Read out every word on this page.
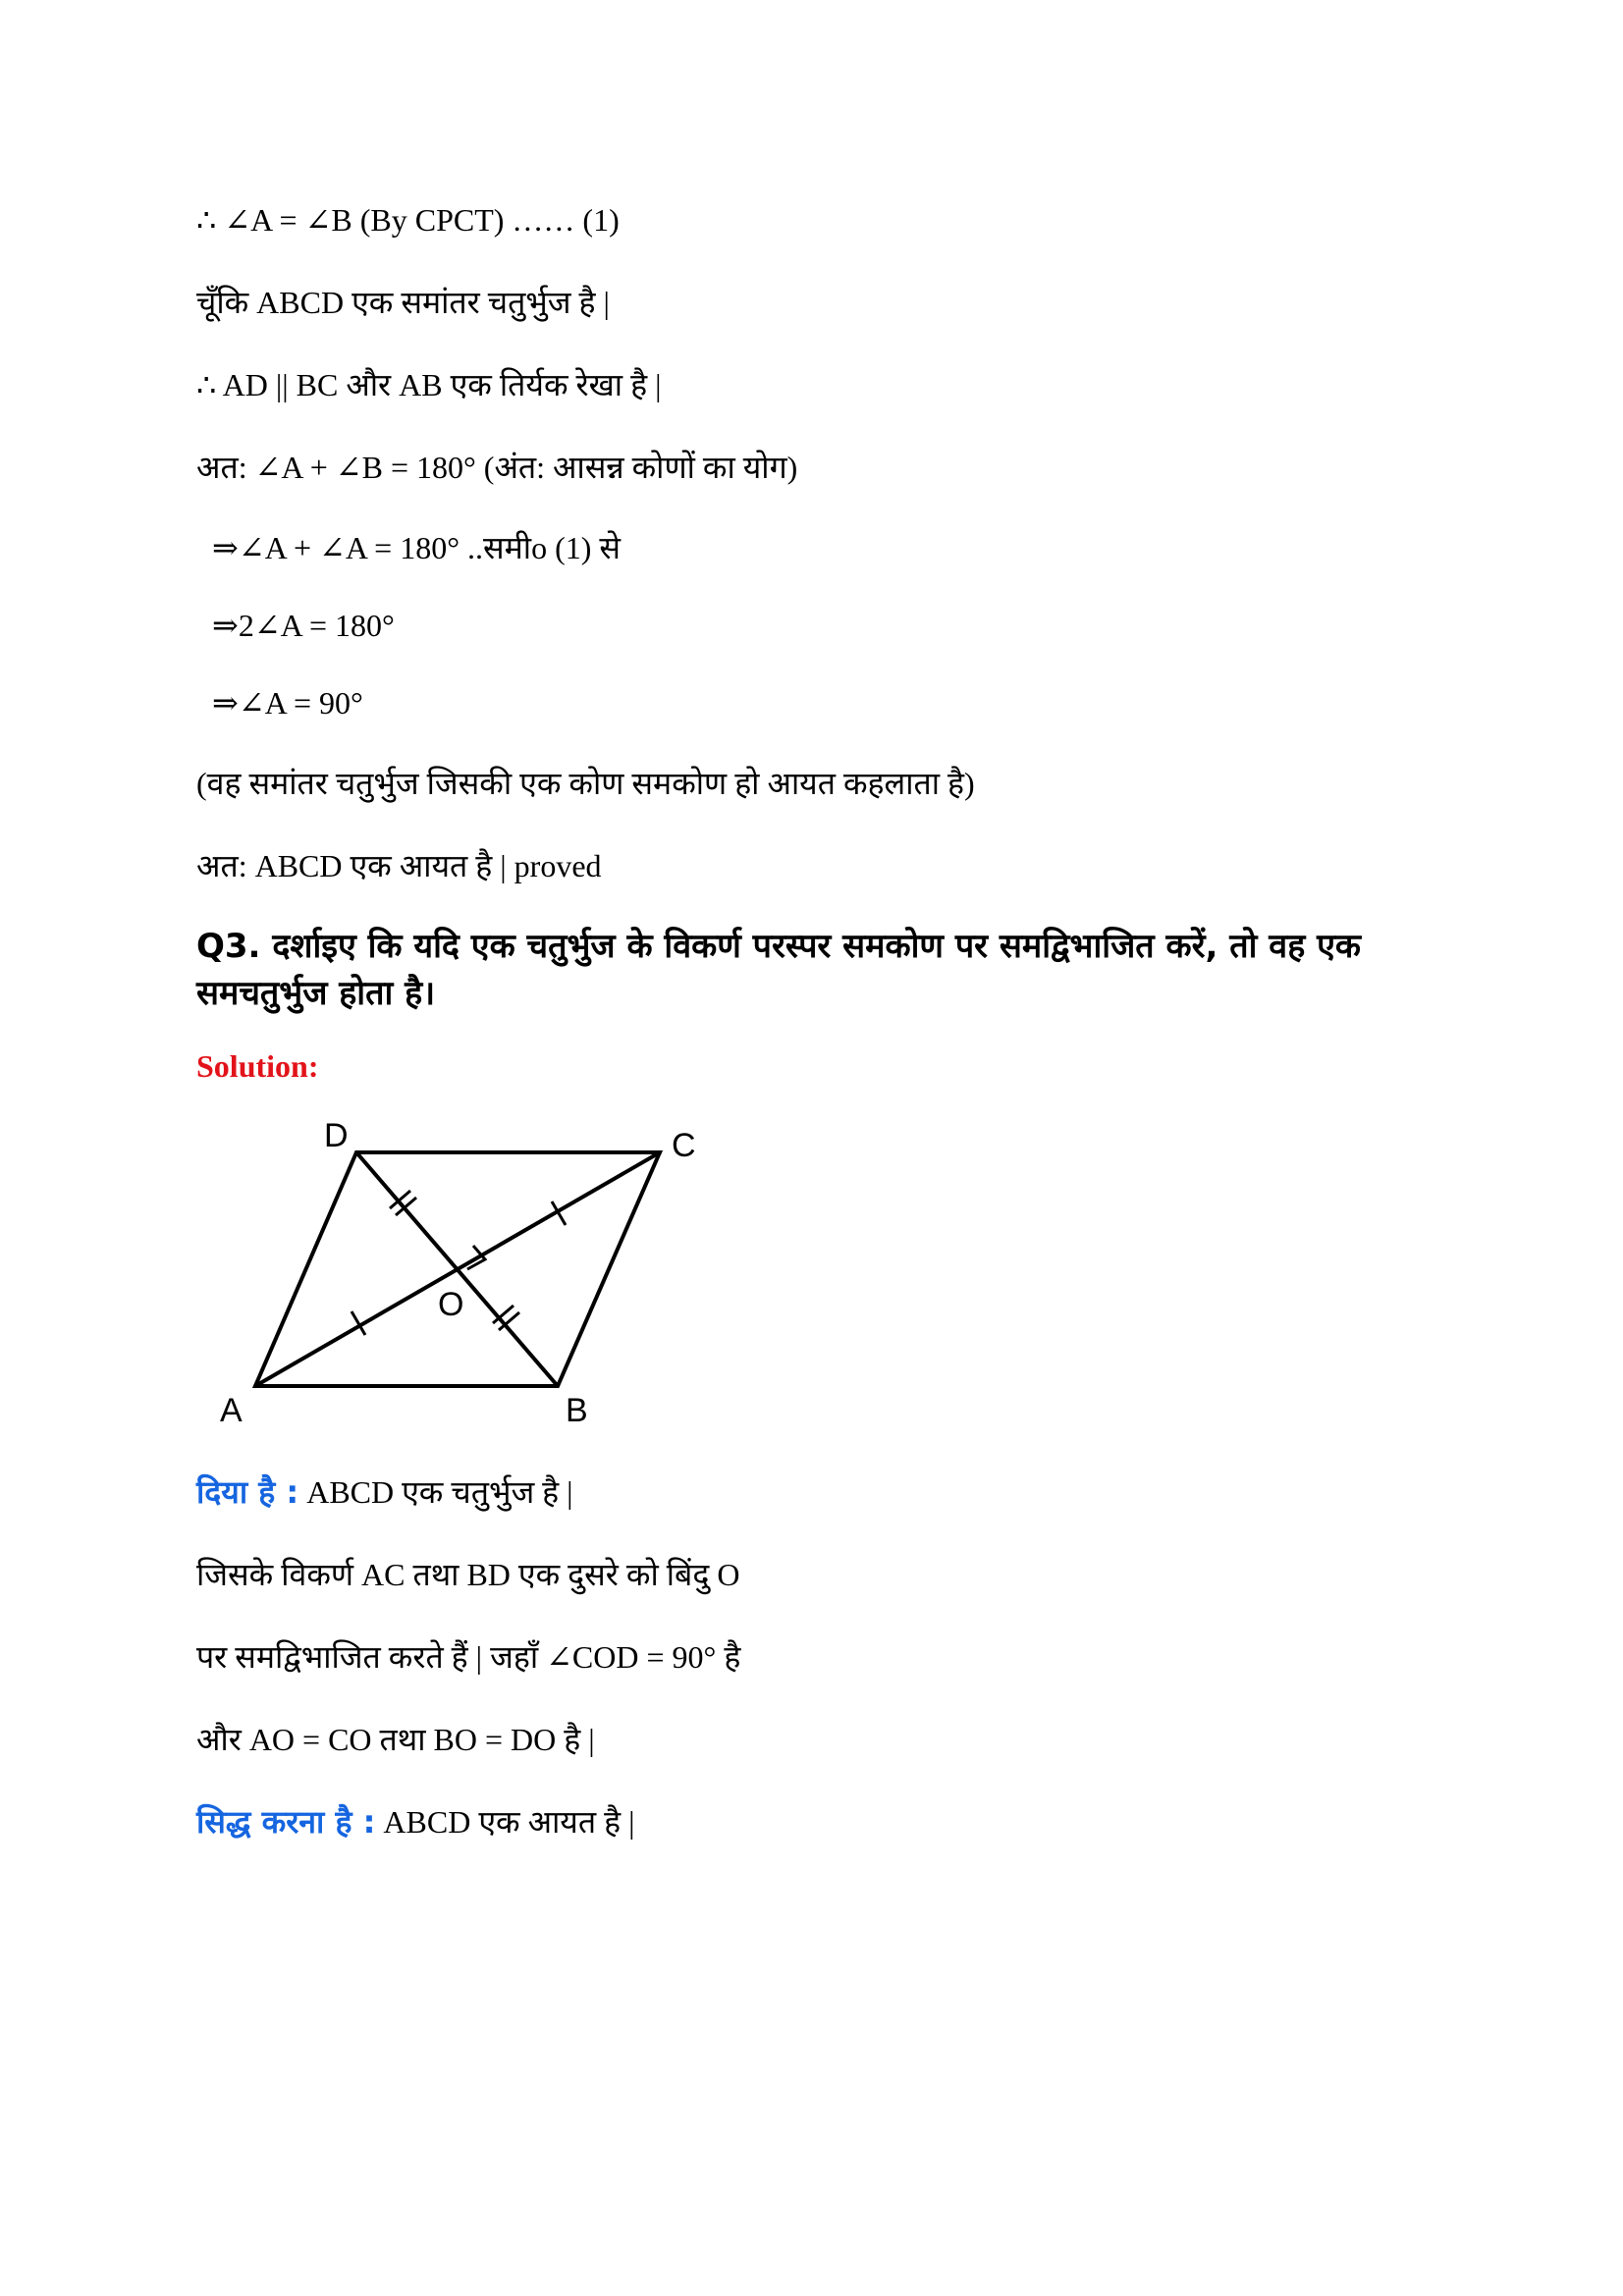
∴ ∠A = ∠B (By CPCT) …… (1)
चूँकि ABCD एक समांतर चतुर्भुज है |
∴ AD || BC और AB एक तिर्यक रेखा है |
अत: ∠A + ∠B = 180° (अंत: आसन्न कोणों का योग)
⇒∠A + ∠A = 180° ..समीo (1) से
⇒2∠A = 180°
⇒∠A = 90°
(वह समांतर चतुर्भुज जिसकी एक कोण समकोण हो आयत कहलाता है)
अत: ABCD एक आयत है | proved
Q3. दर्शाइए कि यदि एक चतुर्भुज के विकर्ण परस्पर समकोण पर समद्विभाजित करें, तो वह एक समचतुर्भुज होता है।
Solution:
D	C
O
A	B
दिया है : ABCD एक चतुर्भुज है |
जिसके विकर्ण AC तथा BD एक दुसरे को बिंदु O
पर समद्विभाजित करते हैं | जहाँ ∠COD = 90° है
और AO = CO तथा BO = DO है |
सिद्ध करना है : ABCD एक आयत है |
